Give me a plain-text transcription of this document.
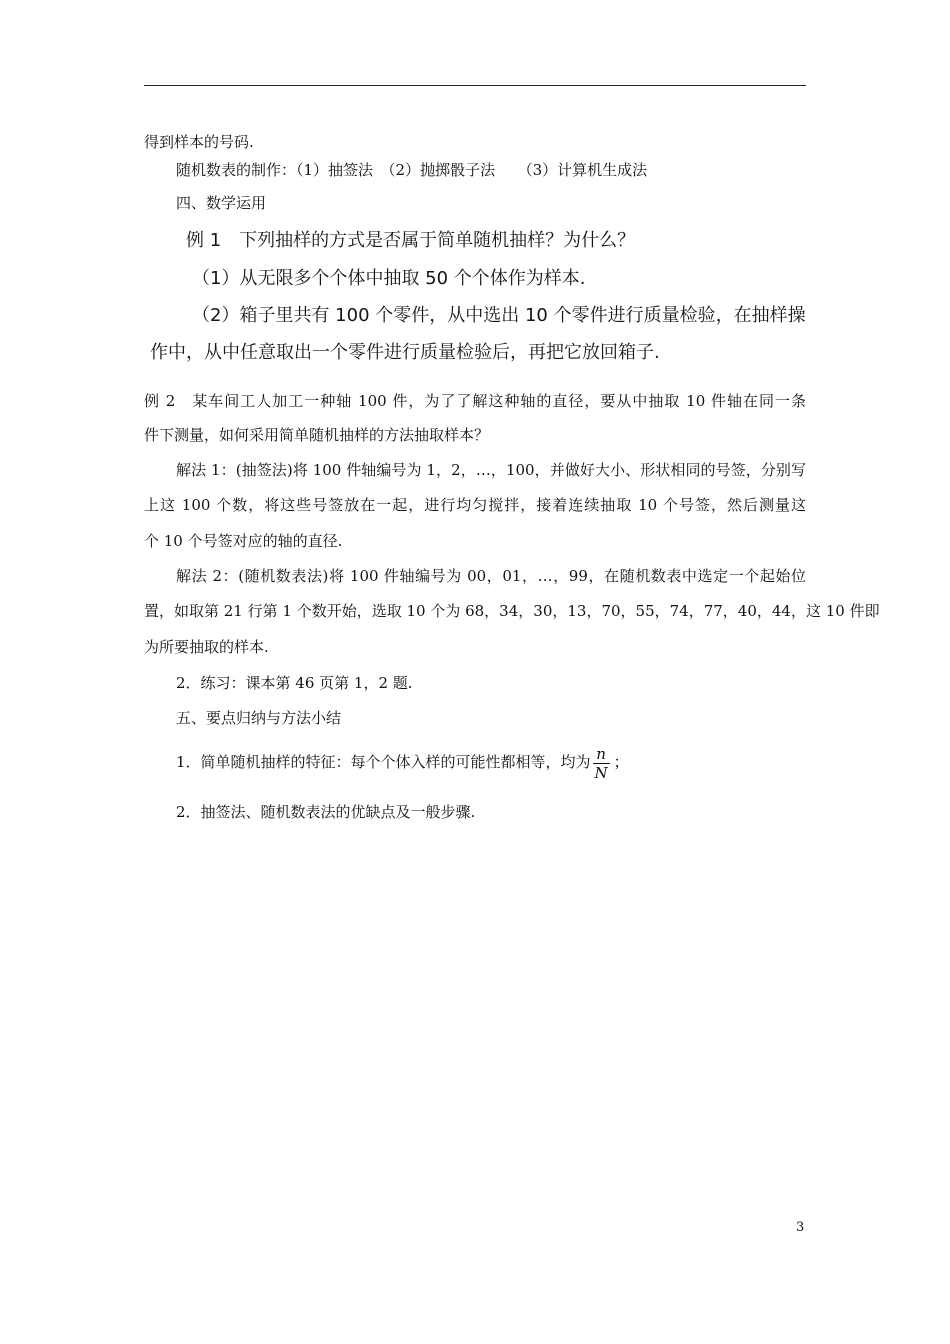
得到样本的号码.
随机数表的制作：（1）抽签法　（2）抛掷骰子法　　（3）计算机生成法
四、数学运用
例 1　下列抽样的方式是否属于简单随机抽样？为什么？
（1）从无限多个个体中抽取 50 个个体作为样本.
（2）箱子里共有 100 个零件，从中选出 10 个零件进行质量检验，在抽样操
作中，从中任意取出一个零件进行质量检验后，再把它放回箱子.
例 2　某车间工人加工一种轴 100 件，为了了解这种轴的直径，要从中抽取 10 件轴在同一条
件下测量，如何采用简单随机抽样的方法抽取样本？
解法 1：(抽签法)将 100 件轴编号为 1，2，…，100，并做好大小、形状相同的号签，分别写
上这 100 个数，将这些号签放在一起，进行均匀搅拌，接着连续抽取 10 个号签，然后测量这
个 10 个号签对应的轴的直径.
解法 2：(随机数表法)将 100 件轴编号为 00，01，…，99，在随机数表中选定一个起始位
置，如取第 21 行第 1 个数开始，选取 10 个为 68，34，30，13，70，55，74，77，40，44，这 10 件即
为所要抽取的样本.
2．练习：课本第 46 页第 1，2 题.
五、要点归纳与方法小结
1．简单随机抽样的特征：每个个体入样的可能性都相等，均为 $\frac{n}{N}$ ；
2．抽签法、随机数表法的优缺点及一般步骤.
3
